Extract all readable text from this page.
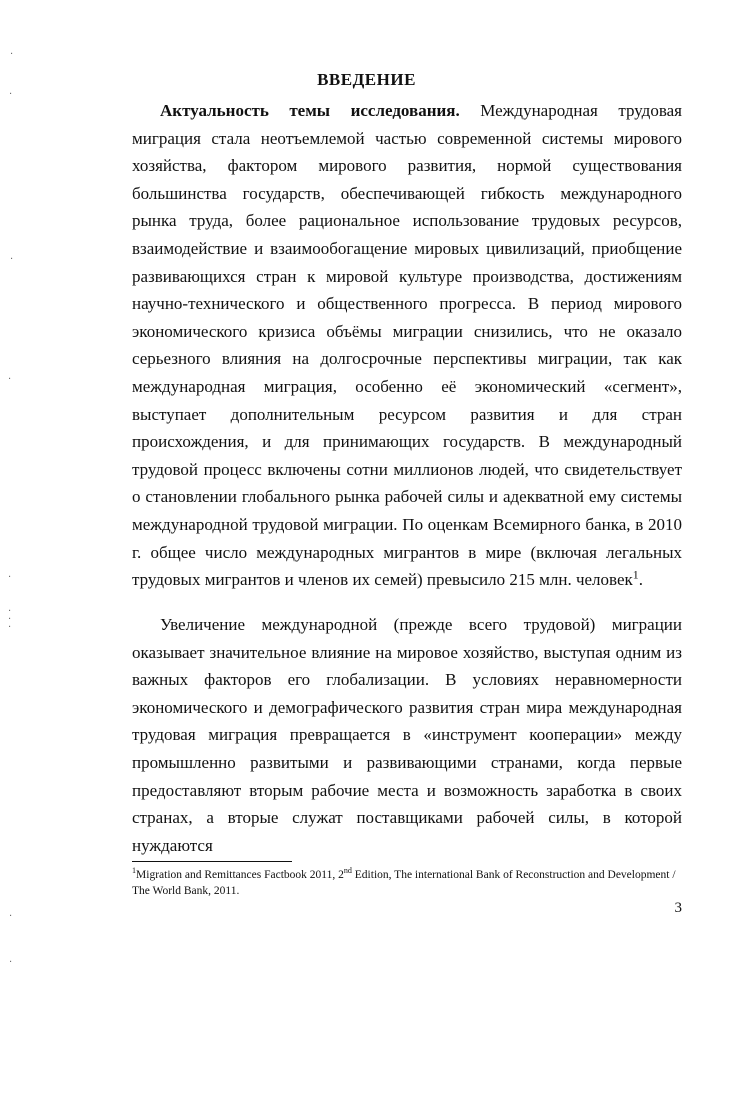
·
·
·
·
·
·
·
·
·
·
ВВЕДЕНИЕ

Актуальность темы исследования. Международная трудовая миграция стала неотъемлемой частью современной системы мирового хозяйства, фактором мирового развития, нормой существования большинства государств, обеспечивающей гибкость международного рынка труда, более рациональное использование трудовых ресурсов, взаимодействие и взаимообогащение мировых цивилизаций, приобщение развивающихся стран к мировой культуре производства, достижениям научно-технического и общественного прогресса. В период мирового экономического кризиса объёмы миграции снизились, что не оказало серьезного влияния на долгосрочные перспективы миграции, так как международная миграция, особенно её экономический «сегмент», выступает дополнительным ресурсом развития и для стран происхождения, и для принимающих государств. В международный трудовой процесс включены сотни миллионов людей, что свидетельствует о становлении глобального рынка рабочей силы и адекватной ему системы международной трудовой миграции. По оценкам Всемирного банка, в 2010 г. общее число международных мигрантов в мире (включая легальных трудовых мигрантов и членов их семей) превысило 215 млн. человек$^1$.

Увеличение международной (прежде всего трудовой) миграции оказывает значительное влияние на мировое хозяйство, выступая одним из важных факторов его глобализации. В условиях неравномерности экономического и демографического развития стран мира международная трудовая миграция превращается в «инструмент кооперации» между промышленно развитыми и развивающими странами, когда первые предоставляют вторым рабочие места и возможность заработка в своих странах, а вторые служат поставщиками рабочей силы, в которой нуждаются

$^1$Migration and Remittances Factbook 2011, 2nd Edition, The international Bank of Reconstruction and Development / The World Bank, 2011.

3
